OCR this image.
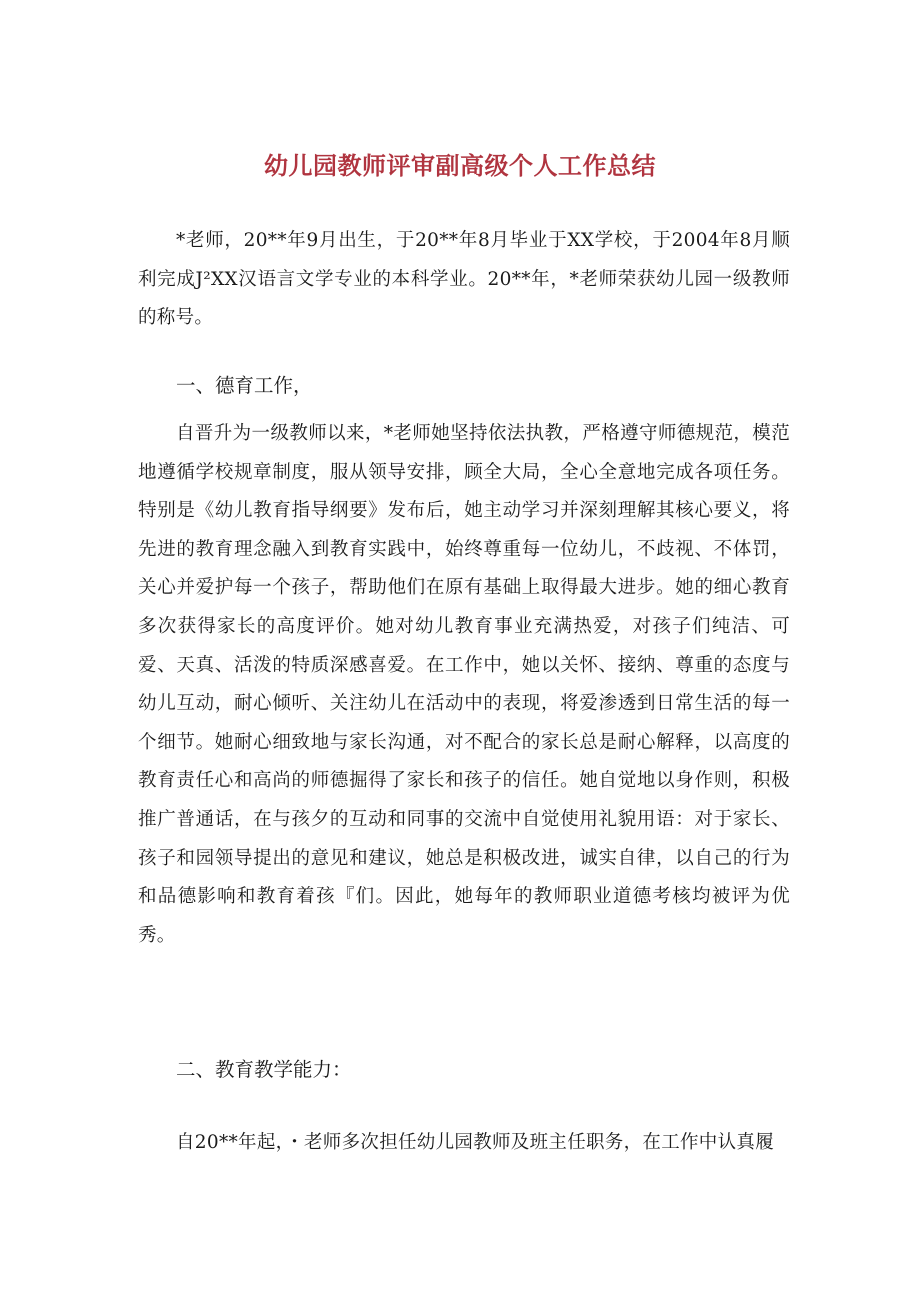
幼儿园教师评审副高级个人工作总结

*老师，20**年9月出生，于20**年8月毕业于XX学校，于2004年8月顺利完成J²XX汉语言文学专业的本科学业。20**年，*老师荣获幼儿园一级教师的称号。

一、德育工作，

自晋升为一级教师以来，*老师她坚持依法执教，严格遵守师德规范，模范地遵循学校规章制度，服从领导安排，顾全大局，全心全意地完成各项任务。特别是《幼儿教育指导纲要》发布后，她主动学习并深刻理解其核心要义，将先进的教育理念融入到教育实践中，始终尊重每一位幼儿，不歧视、不体罚，关心并爱护每一个孩子，帮助他们在原有基础上取得最大进步。她的细心教育多次获得家长的高度评价。她对幼儿教育事业充满热爱，对孩子们纯洁、可爱、天真、活泼的特质深感喜爱。在工作中，她以关怀、接纳、尊重的态度与幼儿互动，耐心倾听、关注幼儿在活动中的表现，将爱渗透到日常生活的每一个细节。她耐心细致地与家长沟通，对不配合的家长总是耐心解释，以高度的教育责任心和高尚的师德掘得了家长和孩子的信任。她自觉地以身作则，积极推广普通话，在与孩夕的互动和同事的交流中自觉使用礼貌用语：对于家长、孩子和园领导提出的意见和建议，她总是积极改进，诚实自律，以自己的行为和品德影响和教育着孩『们。因此，她每年的教师职业道德考核均被评为优秀。

二、教育教学能力：

自20**年起，・老师多次担任幼儿园教师及班主任职务，在工作中认真履
